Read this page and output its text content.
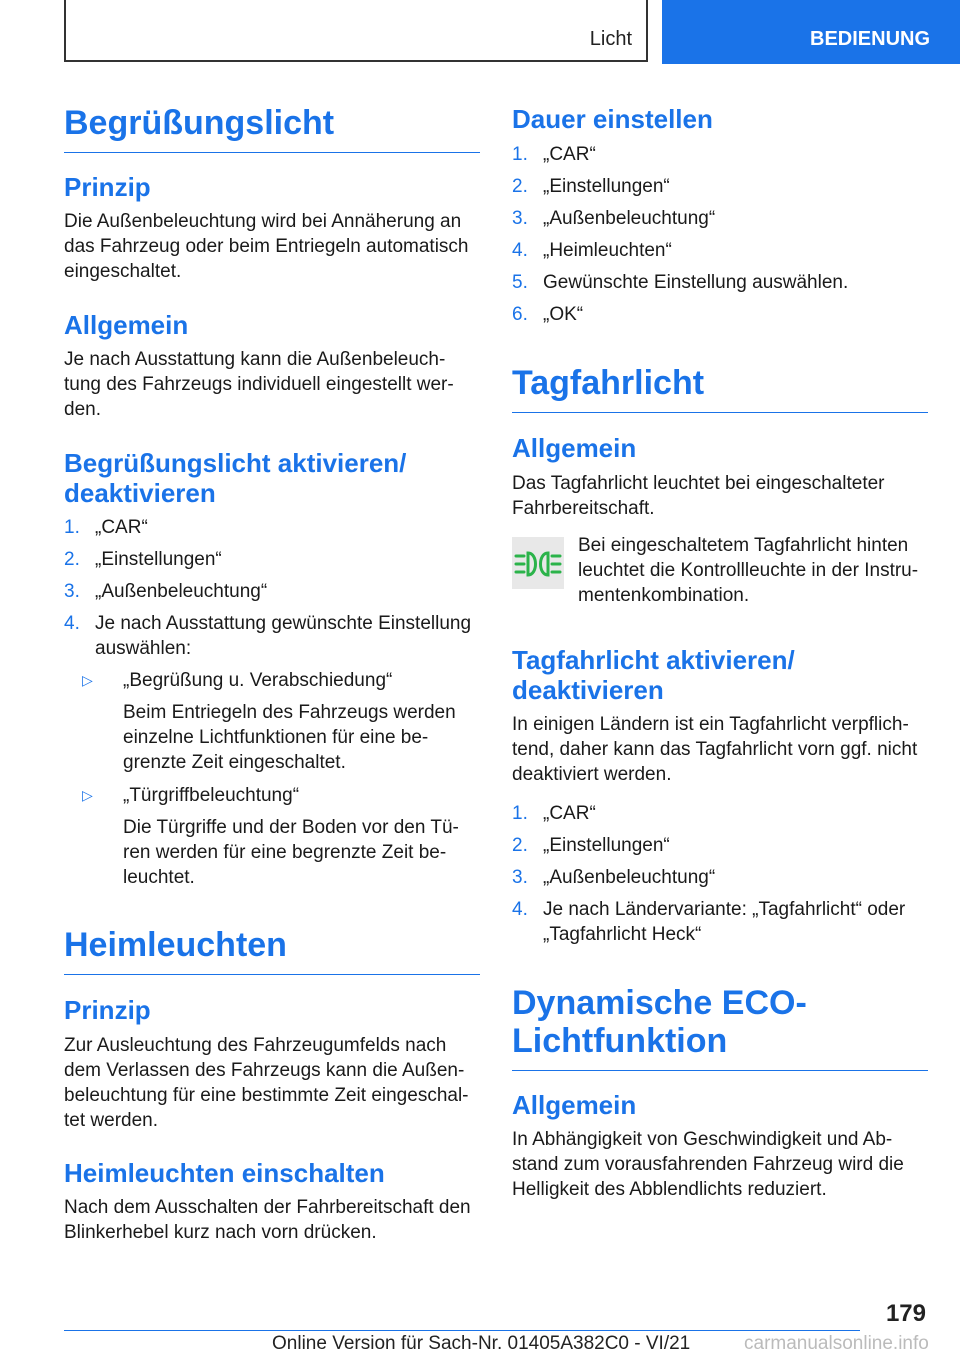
Licht	BEDIENUNG
Begrüßungslicht
Prinzip

Die Außenbeleuchtung wird bei Annäherung an das Fahrzeug oder beim Entriegeln automatisch eingeschaltet.

Allgemein

Je nach Ausstattung kann die Außenbeleuch-tung des Fahrzeugs individuell eingestellt wer-den.

Begrüßungslicht aktivieren/
deaktivieren
1. „CAR“
2. „Einstellungen“
3. „Außenbeleuchtung“
4. Je nach Ausstattung gewünschte Einstellung auswählen:
▷ „Begrüßung u. Verabschiedung“
Beim Entriegeln des Fahrzeugs werden einzelne Lichtfunktionen für eine be-grenzte Zeit eingeschaltet.
▷ „Türgriffbeleuchtung“
Die Türgriffe und der Boden vor den Tü-ren werden für eine begrenzte Zeit be-leuchtet.
Heimleuchten
Prinzip

Zur Ausleuchtung des Fahrzeugumfelds nach dem Verlassen des Fahrzeugs kann die Außen-beleuchtung für eine bestimmte Zeit eingeschal-tet werden.

Heimleuchten einschalten

Nach dem Ausschalten der Fahrbereitschaft den Blinkerhebel kurz nach vorn drücken.

Dauer einstellen
1. „CAR“
2. „Einstellungen“
3. „Außenbeleuchtung“
4. „Heimleuchten“
5. Gewünschte Einstellung auswählen.
6. „OK“
Tagfahrlicht
Allgemein

Das Tagfahrlicht leuchtet bei eingeschalteter Fahrbereitschaft.

Bei eingeschaltetem Tagfahrlicht hinten leuchtet die Kontrollleuchte in der Instru-mentenkombination.

Tagfahrlicht aktivieren/
deaktivieren

In einigen Ländern ist ein Tagfahrlicht verpflich-tend, daher kann das Tagfahrlicht vorn ggf. nicht deaktiviert werden.

1. „CAR“
2. „Einstellungen“
3. „Außenbeleuchtung“
4. Je nach Ländervariante: „Tagfahrlicht“ oder „Tagfahrlicht Heck“
Dynamische ECO-
Lichtfunktion
Allgemein

In Abhängigkeit von Geschwindigkeit und Ab-stand zum vorausfahrenden Fahrzeug wird die Helligkeit des Abblendlichts reduziert.

179
Online Version für Sach-Nr. 01405A382C0 - VI/21	carmanualsonline.info
